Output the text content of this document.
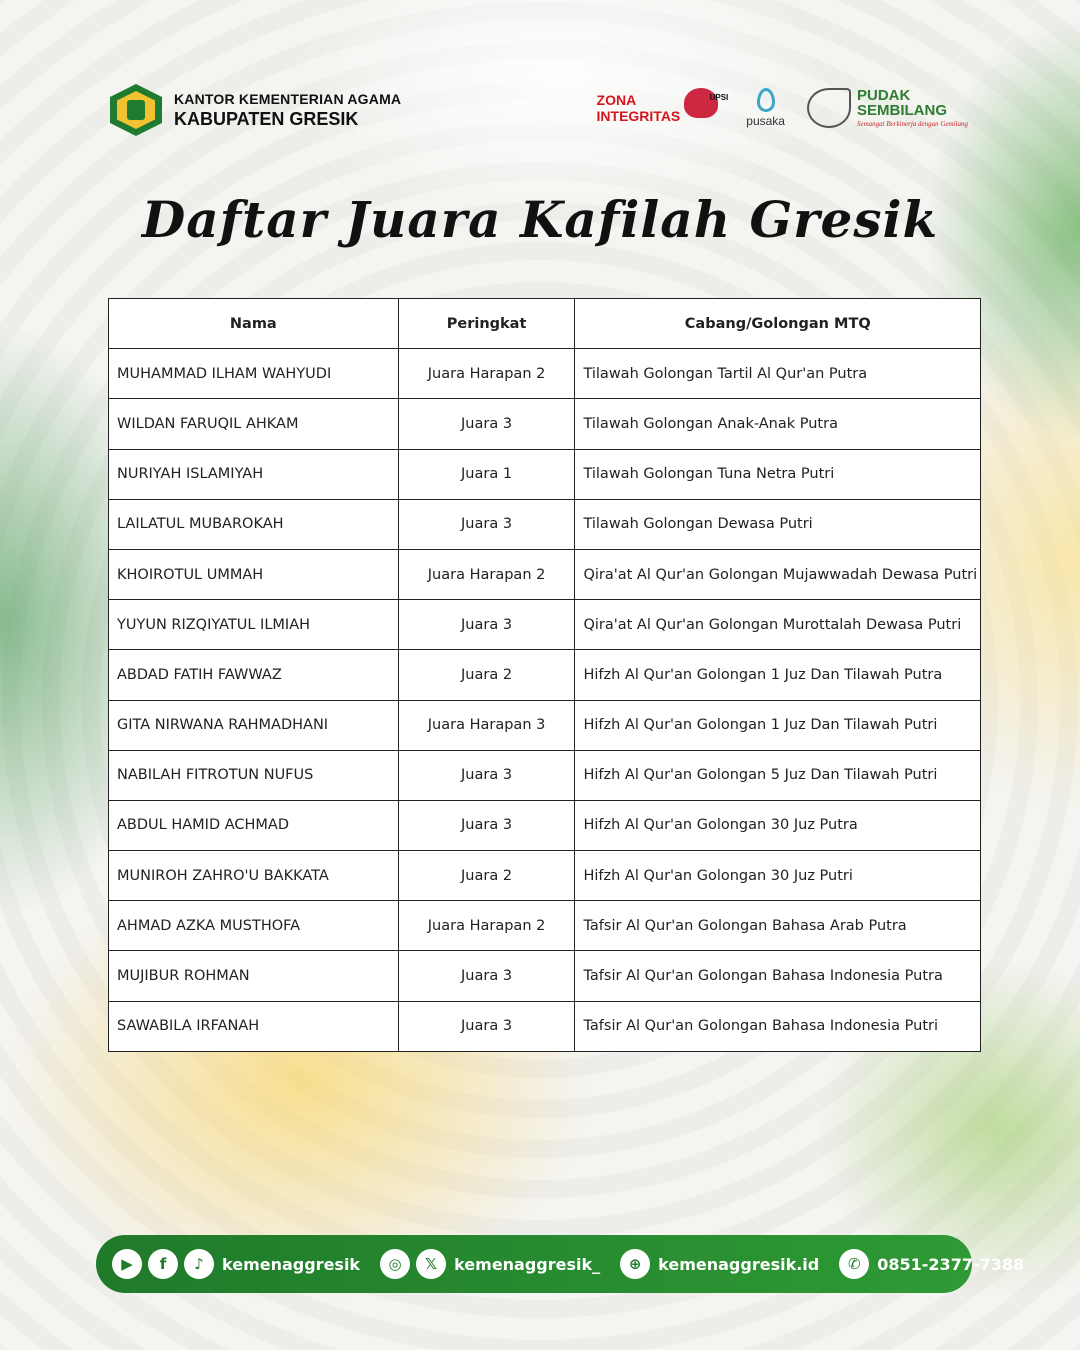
KANTOR KEMENTERIAN AGAMA
KABUPATEN GRESIK
ZONA
INTEGRITAS
UPSI
pusaka
PUDAK
SEMBILANG
Semangat Berkinerja dengan Gemilang
Daftar Juara Kafilah Gresik
Nama	Peringkat	Cabang/Golongan MTQ
MUHAMMAD ILHAM WAHYUDI	Juara Harapan 2	Tilawah Golongan Tartil Al Qur'an Putra
WILDAN FARUQIL AHKAM	Juara 3	Tilawah Golongan Anak-Anak Putra
NURIYAH ISLAMIYAH	Juara 1	Tilawah Golongan Tuna Netra Putri
LAILATUL MUBAROKAH	Juara 3	Tilawah Golongan Dewasa Putri
KHOIROTUL UMMAH	Juara Harapan 2	Qira'at Al Qur'an Golongan Mujawwadah Dewasa Putri
YUYUN RIZQIYATUL ILMIAH	Juara 3	Qira'at Al Qur'an Golongan Murottalah Dewasa Putri
ABDAD FATIH FAWWAZ	Juara 2	Hifzh Al Qur'an Golongan 1 Juz Dan Tilawah Putra
GITA NIRWANA RAHMADHANI	Juara Harapan 3	Hifzh Al Qur'an Golongan 1 Juz Dan Tilawah Putri
NABILAH FITROTUN NUFUS	Juara 3	Hifzh Al Qur'an Golongan 5 Juz Dan Tilawah Putri
ABDUL HAMID ACHMAD	Juara 3	Hifzh Al Qur'an Golongan 30 Juz Putra
MUNIROH ZAHRO'U BAKKATA	Juara 2	Hifzh Al Qur'an Golongan 30 Juz Putri
AHMAD AZKA MUSTHOFA	Juara Harapan 2	Tafsir Al Qur'an Golongan Bahasa Arab Putra
MUJIBUR ROHMAN	Juara 3	Tafsir Al Qur'an Golongan Bahasa Indonesia Putra
SAWABILA IRFANAH	Juara 3	Tafsir Al Qur'an Golongan Bahasa Indonesia Putri
▶	f	♪	kemenaggresik	◎	𝕏	kemenaggresik_	⊕	kemenaggresik.id	✆	0851-2377-7388
